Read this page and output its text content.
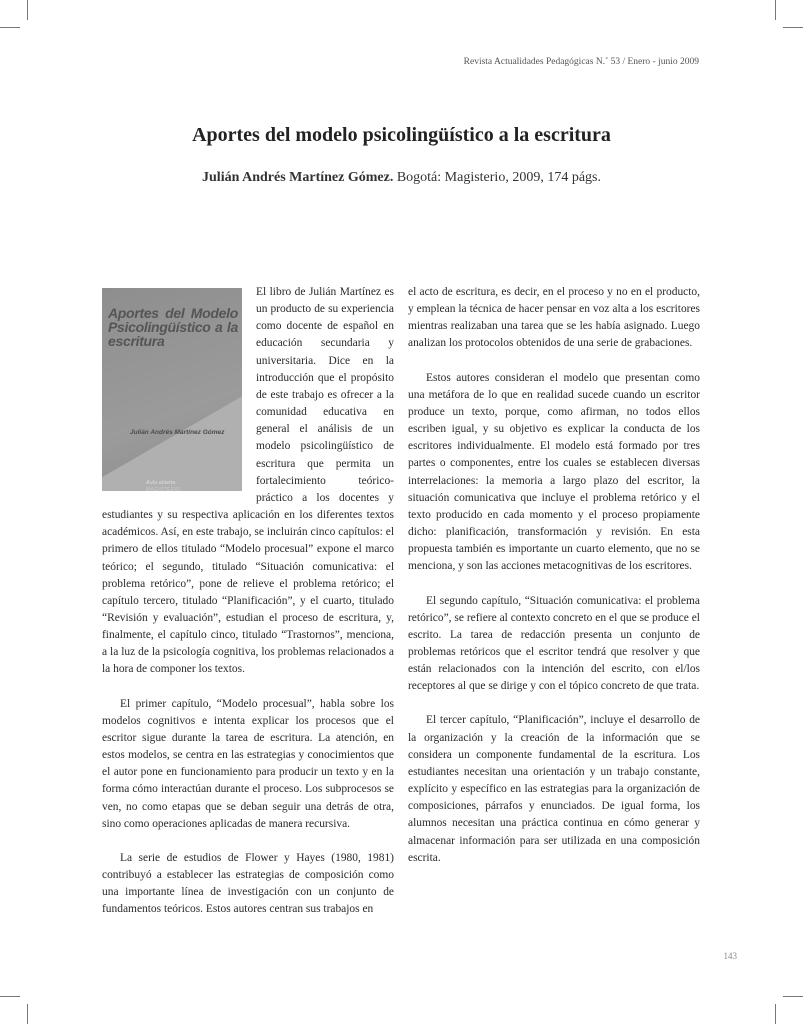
Revista Actualidades Pedagógicas N.˚ 53 / Enero - junio 2009
Aportes del modelo psicolingüístico a la escritura
Julián Andrés Martínez Gómez. Bogotá: Magisterio, 2009, 174 págs.
Aportes del Modelo Psicolingüístico a la escritura
Julián Andrés Martínez Gómez
Aula abierta
MAGISTERIO

El libro de Julián Martínez es un producto de su experiencia como docente de español en educación secundaria y universitaria. Dice en la introducción que el propósito de este trabajo es ofrecer a la comunidad educativa en general el análisis de un modelo psicolingüístico de escritura que permita un fortalecimiento teórico-práctico a los docentes y estudiantes y su respectiva aplicación en los diferentes textos académicos. Así, en este trabajo, se incluirán cinco capítulos: el primero de ellos titulado “Modelo procesual” expone el marco teórico; el segundo, titulado “Situación comunicativa: el problema retórico”, pone de relieve el problema retórico; el capítulo tercero, titulado “Planificación”, y el cuarto, titulado “Revisión y evaluación”, estudian el proceso de escritura, y, finalmente, el capítulo cinco, titulado “Trastornos”, menciona, a la luz de la psicología cognitiva, los problemas relacionados a la hora de componer los textos.

El primer capítulo, “Modelo procesual”, habla sobre los modelos cognitivos e intenta explicar los procesos que el escritor sigue durante la tarea de escritura. La atención, en estos modelos, se centra en las estrategias y conocimientos que el autor pone en funcionamiento para producir un texto y en la forma cómo interactúan durante el proceso. Los subprocesos se ven, no como etapas que se deban seguir una detrás de otra, sino como operaciones aplicadas de manera recursiva.

La serie de estudios de Flower y Hayes (1980, 1981) contribuyó a establecer las estrategias de composición como una importante línea de investigación con un conjunto de fundamentos teóricos. Estos autores centran sus trabajos en

el acto de escritura, es decir, en el proceso y no en el producto, y emplean la técnica de hacer pensar en voz alta a los escritores mientras realizaban una tarea que se les había asignado. Luego analizan los protocolos obtenidos de una serie de grabaciones.

Estos autores consideran el modelo que presentan como una metáfora de lo que en realidad sucede cuando un escritor produce un texto, porque, como afirman, no todos ellos escriben igual, y su objetivo es explicar la conducta de los escritores individualmente. El modelo está formado por tres partes o componentes, entre los cuales se establecen diversas interrelaciones: la memoria a largo plazo del escritor, la situación comunicativa que incluye el problema retórico y el texto producido en cada momento y el proceso propiamente dicho: planificación, transformación y revisión. En esta propuesta también es importante un cuarto elemento, que no se menciona, y son las acciones metacognitivas de los escritores.

El segundo capítulo, “Situación comunicativa: el problema retórico”, se refiere al contexto concreto en el que se produce el escrito. La tarea de redacción presenta un conjunto de problemas retóricos que el escritor tendrá que resolver y que están relacionados con la intención del escrito, con el/los receptores al que se dirige y con el tópico concreto de que trata.

El tercer capítulo, “Planificación”, incluye el desarrollo de la organización y la creación de la información que se considera un componente fundamental de la escritura. Los estudiantes necesitan una orientación y un trabajo constante, explícito y específico en las estrategias para la organización de composiciones, párrafos y enunciados. De igual forma, los alumnos necesitan una práctica continua en cómo generar y almacenar información para ser utilizada en una composición escrita.

143
